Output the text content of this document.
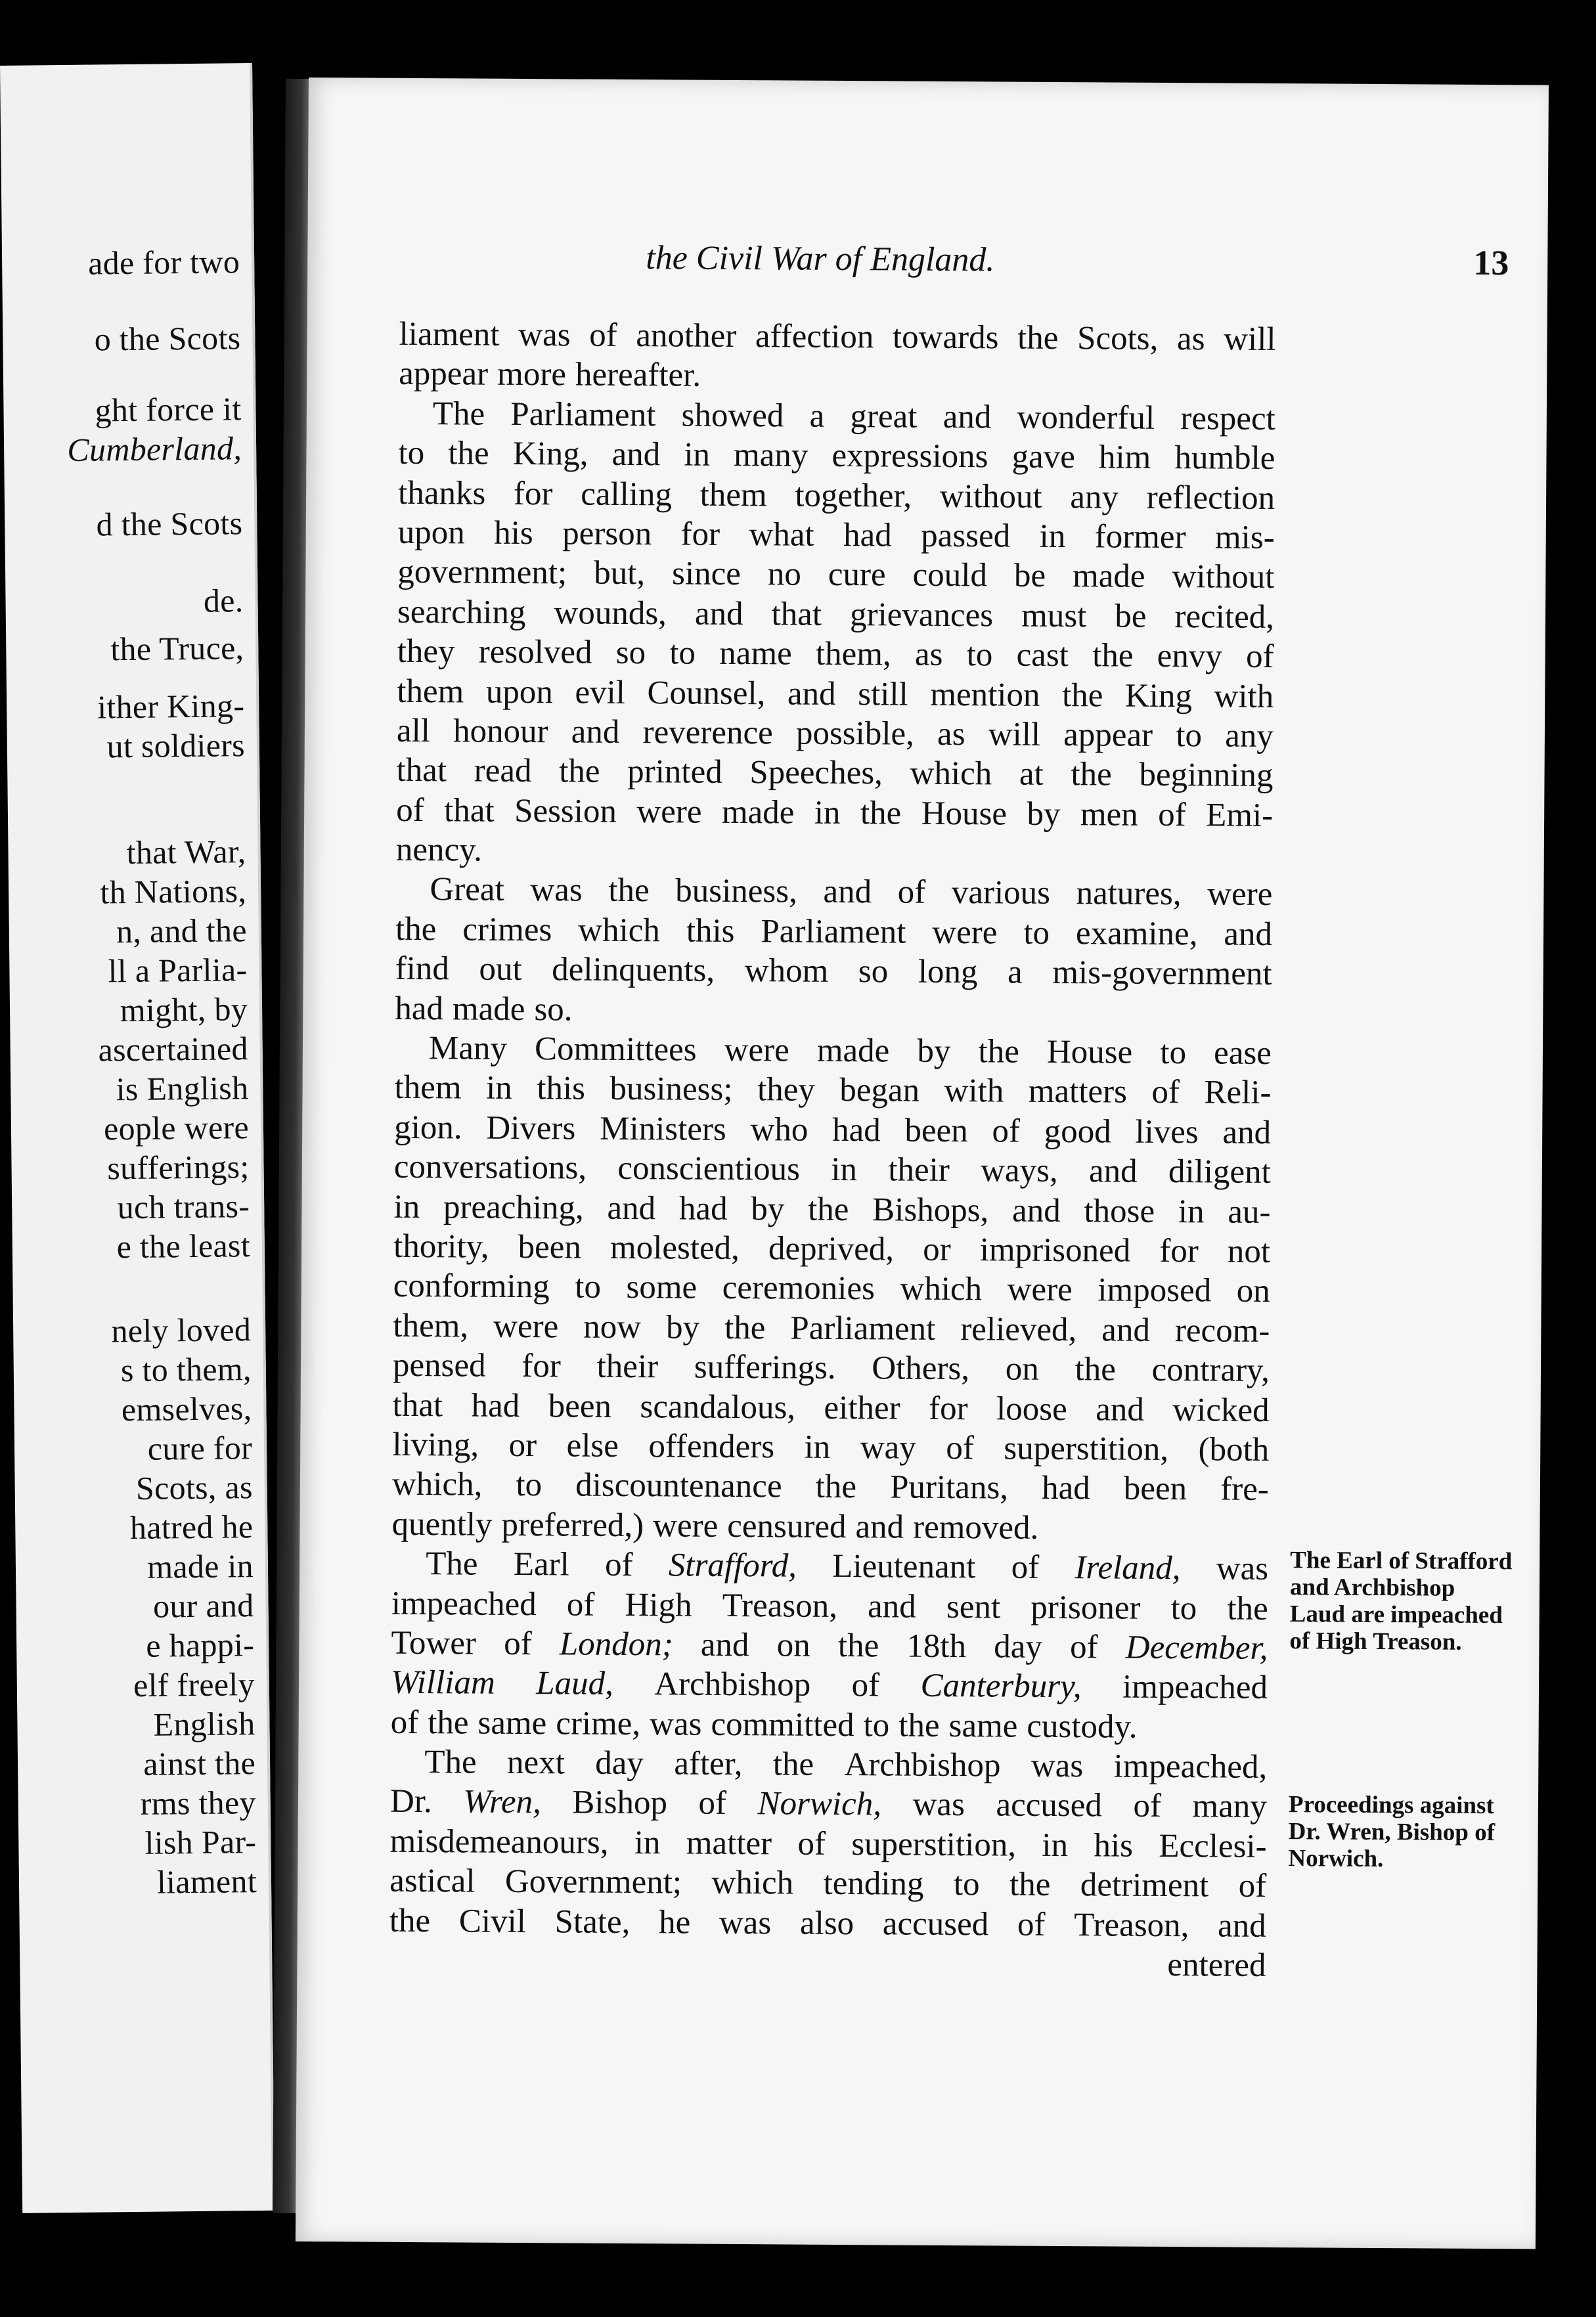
ade for two
o the Scots
ght force it
Cumberland,
d the Scots
de.
the Truce,
ither King-
ut soldiers
that War,
th Nations,
n, and the
ll a Parlia-
might, by
ascertained
is English
eople were
sufferings;
uch trans-
e the least
nely loved
s to them,
emselves,
cure for
Scots, as
hatred he
made in
our and
e happi-
elf freely
English
ainst the
rms they
lish Par-
liament
the Civil War of England.	13
liament was of another affection towards the Scots, as will
appear more hereafter.
The Parliament showed a great and wonderful respect
to the King, and in many expressions gave him humble
thanks for calling them together, without any reflection
upon his person for what had passed in former mis-
government; but, since no cure could be made without
searching wounds, and that grievances must be recited,
they resolved so to name them, as to cast the envy of
them upon evil Counsel, and still mention the King with
all honour and reverence possible, as will appear to any
that read the printed Speeches, which at the beginning
of that Session were made in the House by men of Emi-
nency.
Great was the business, and of various natures, were
the crimes which this Parliament were to examine, and
find out delinquents, whom so long a mis-government
had made so.
Many Committees were made by the House to ease
them in this business; they began with matters of Reli-
gion. Divers Ministers who had been of good lives and
conversations, conscientious in their ways, and diligent
in preaching, and had by the Bishops, and those in au-
thority, been molested, deprived, or imprisoned for not
conforming to some ceremonies which were imposed on
them, were now by the Parliament relieved, and recom-
pensed for their sufferings. Others, on the contrary,
that had been scandalous, either for loose and wicked
living, or else offenders in way of superstition, (both
which, to discountenance the Puritans, had been fre-
quently preferred,) were censured and removed.
The Earl of Strafford, Lieutenant of Ireland, was
impeached of High Treason, and sent prisoner to the
Tower of London; and on the 18th day of December,
William Laud, Archbishop of Canterbury, impeached
of the same crime, was committed to the same custody.
The next day after, the Archbishop was impeached,
Dr. Wren, Bishop of Norwich, was accused of many
misdemeanours, in matter of superstition, in his Ecclesi-
astical Government; which tending to the detriment of
the Civil State, he was also accused of Treason, and
entered
The Earl of Strafford
and Archbishop
Laud are impeached
of High Treason.
Proceedings against
Dr. Wren, Bishop of
Norwich.
